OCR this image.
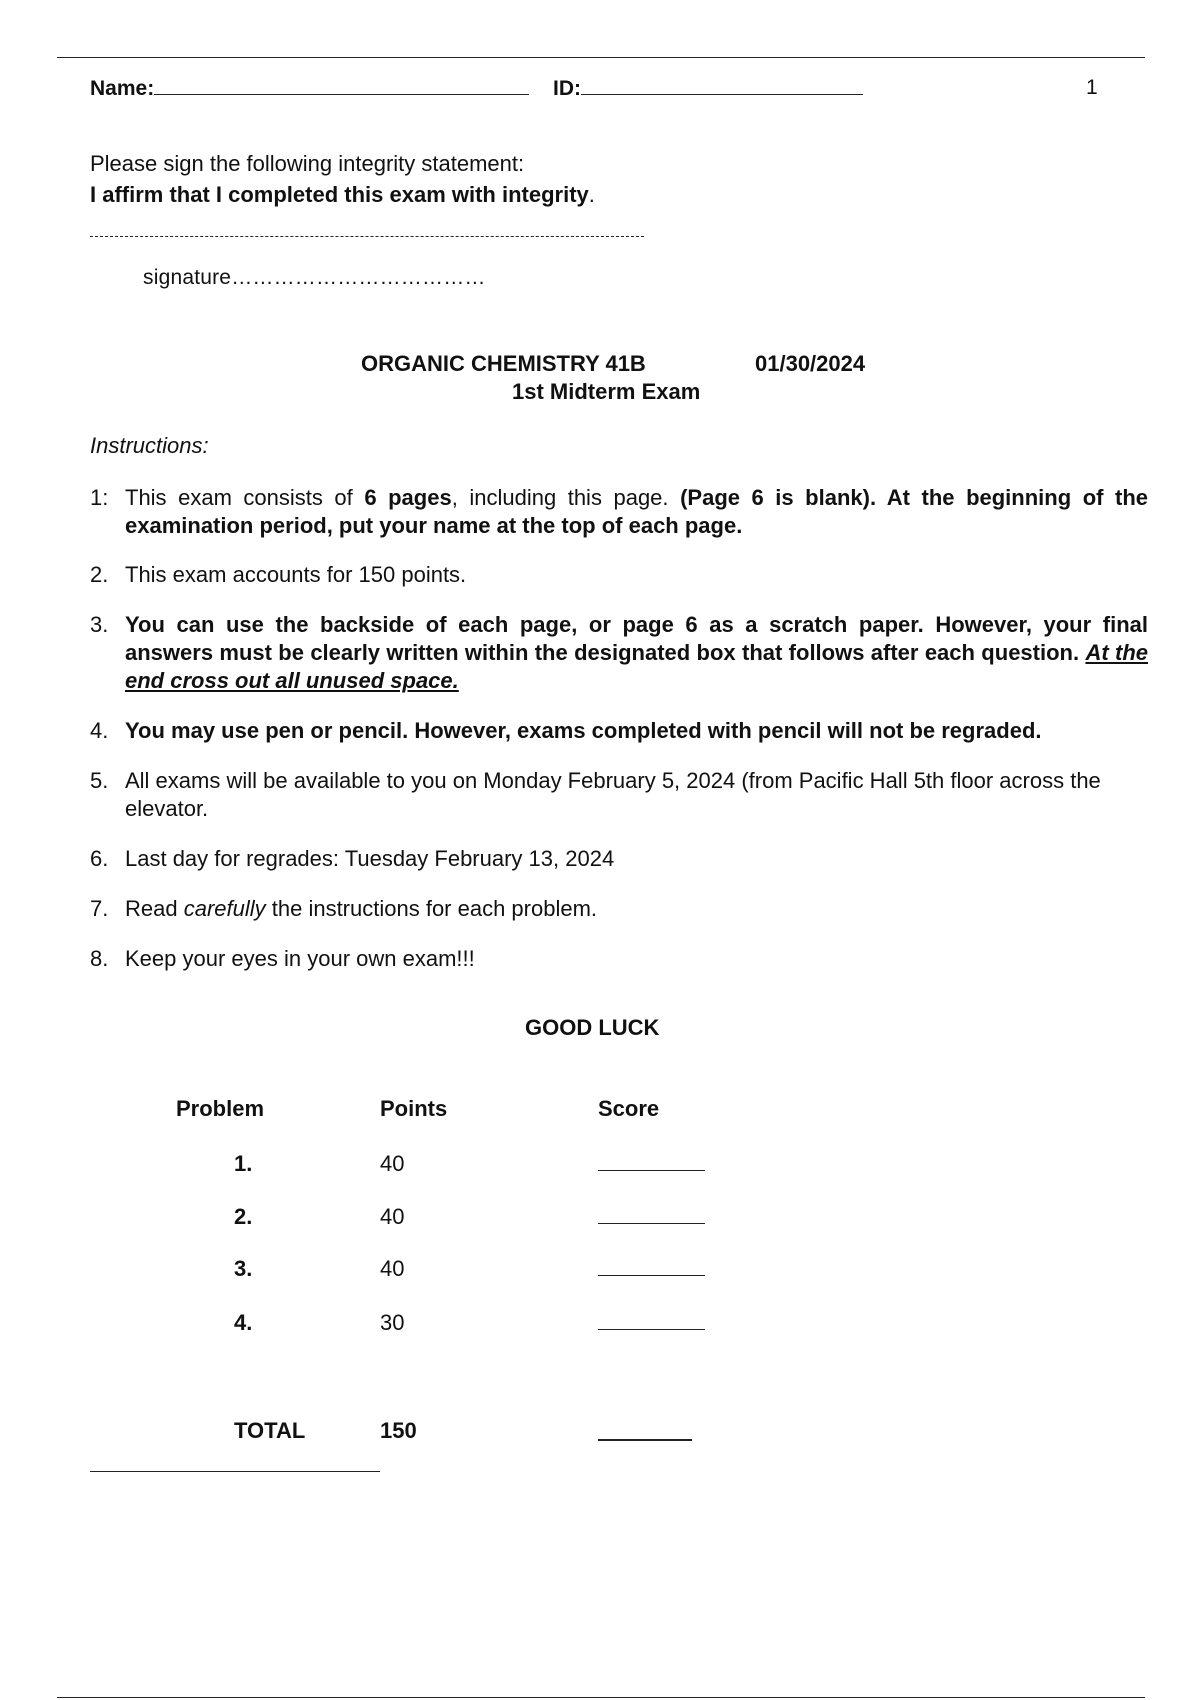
Name:	ID:	1
Please sign the following integrity statement:
I affirm that I completed this exam with integrity.
signature………………………………
ORGANIC CHEMISTRY 41B	01/30/2024
1st Midterm Exam
Instructions:
1: This exam consists of 6 pages, including this page. (Page 6 is blank). At the beginning of the examination period, put your name at the top of each page.
2. This exam accounts for 150 points.
3. You can use the backside of each page, or page 6 as a scratch paper. However, your final answers must be clearly written within the designated box that follows after each question. At the end cross out all unused space.
4. You may use pen or pencil. However, exams completed with pencil will not be regraded.
5. All exams will be available to you on Monday February 5, 2024 (from Pacific Hall 5th floor across the elevator.
6. Last day for regrades: Tuesday February 13, 2024
7. Read carefully the instructions for each problem.
8. Keep your eyes in your own exam!!!
GOOD LUCK
Problem	Points	Score
1.	40
2.	40
3.	40
4.	30
TOTAL	150
